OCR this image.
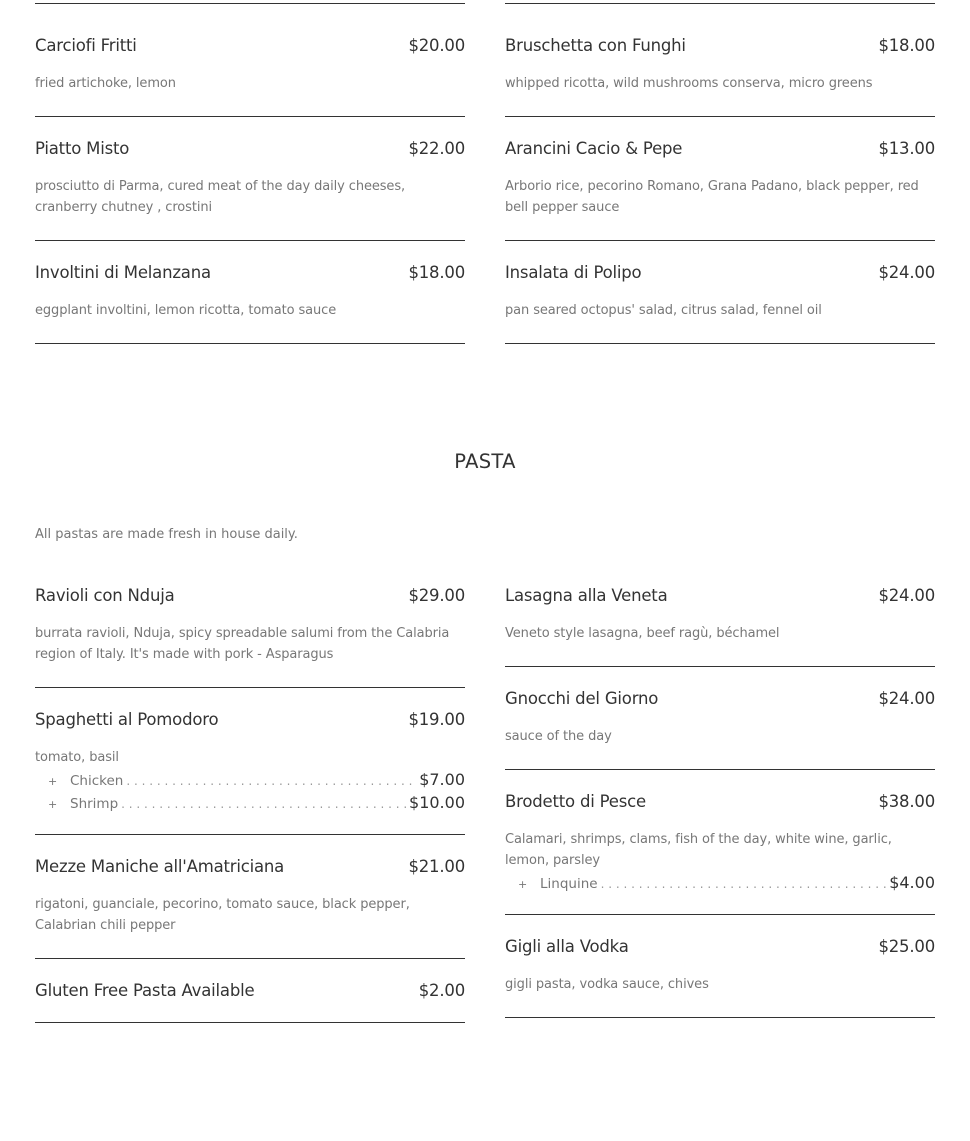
Carciofi Fritti	$20.00
fried artichoke, lemon
Piatto Misto	$22.00
prosciutto di Parma, cured meat of the day daily cheeses, cranberry chutney , crostini
Involtini di Melanzana	$18.00
eggplant involtini, lemon ricotta, tomato sauce
Bruschetta con Funghi	$18.00
whipped ricotta, wild mushrooms conserva, micro greens
Arancini Cacio & Pepe	$13.00
Arborio rice, pecorino Romano, Grana Padano, black pepper, red bell pepper sauce
Insalata di Polipo	$24.00
pan seared octopus' salad, citrus salad, fennel oil
PASTA
All pastas are made fresh in house daily.
Ravioli con Nduja	$29.00
burrata ravioli, Nduja, spicy spreadable salumi from the Calabria region of Italy. It's made with pork - Asparagus
Spaghetti al Pomodoro	$19.00
tomato, basil
+ Chicken . . .	$7.00
+ Shrimp . . .	$10.00
Mezze Maniche all'Amatriciana	$21.00
rigatoni, guanciale, pecorino, tomato sauce, black pepper, Calabrian chili pepper
Gluten Free Pasta Available	$2.00
Lasagna alla Veneta	$24.00
Veneto style lasagna, beef ragù, béchamel
Gnocchi del Giorno	$24.00
sauce of the day
Brodetto di Pesce	$38.00
Calamari, shrimps, clams, fish of the day, white wine, garlic, lemon, parsley
+ Linquine . . .	$4.00
Gigli alla Vodka	$25.00
gigli pasta, vodka sauce, chives
